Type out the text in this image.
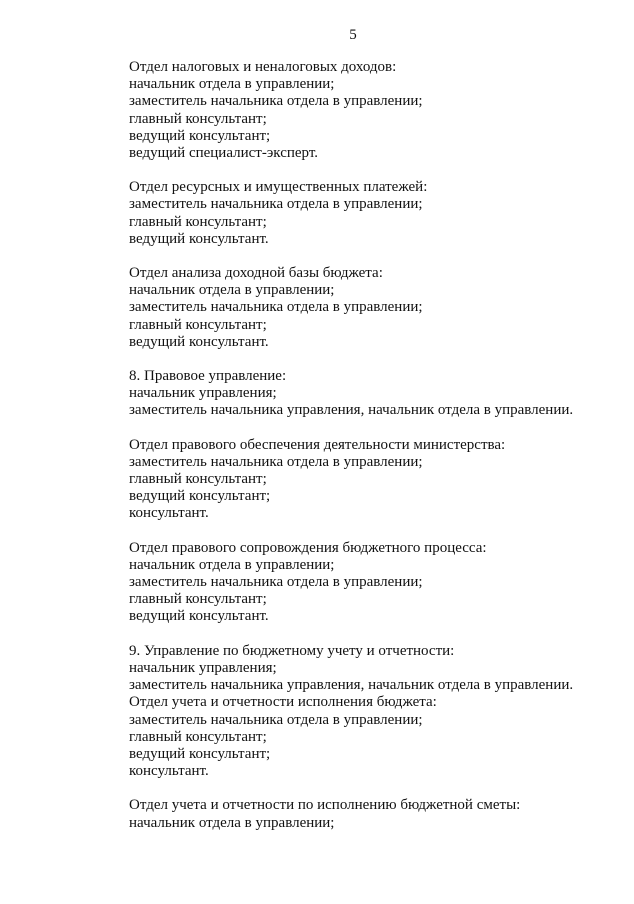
5
Отдел налоговых и неналоговых доходов:
начальник отдела в управлении;
заместитель начальника отдела в управлении;
главный консультант;
ведущий консультант;
ведущий специалист-эксперт.
Отдел ресурсных и имущественных платежей:
заместитель начальника отдела в управлении;
главный консультант;
ведущий консультант.
Отдел анализа доходной базы бюджета:
начальник отдела в управлении;
заместитель начальника отдела в управлении;
главный консультант;
ведущий консультант.
8. Правовое управление:
начальник управления;
заместитель начальника управления, начальник отдела в управлении.
Отдел правового обеспечения деятельности министерства:
заместитель начальника отдела в управлении;
главный консультант;
ведущий консультант;
консультант.
Отдел правового сопровождения бюджетного процесса:
начальник отдела в управлении;
заместитель начальника отдела в управлении;
главный консультант;
ведущий консультант.
9. Управление по бюджетному учету и отчетности:
начальник управления;
заместитель начальника управления, начальник отдела в управлении.
Отдел учета и отчетности исполнения бюджета:
заместитель начальника отдела в управлении;
главный консультант;
ведущий консультант;
консультант.
Отдел учета и отчетности по исполнению бюджетной сметы:
начальник отдела в управлении;
